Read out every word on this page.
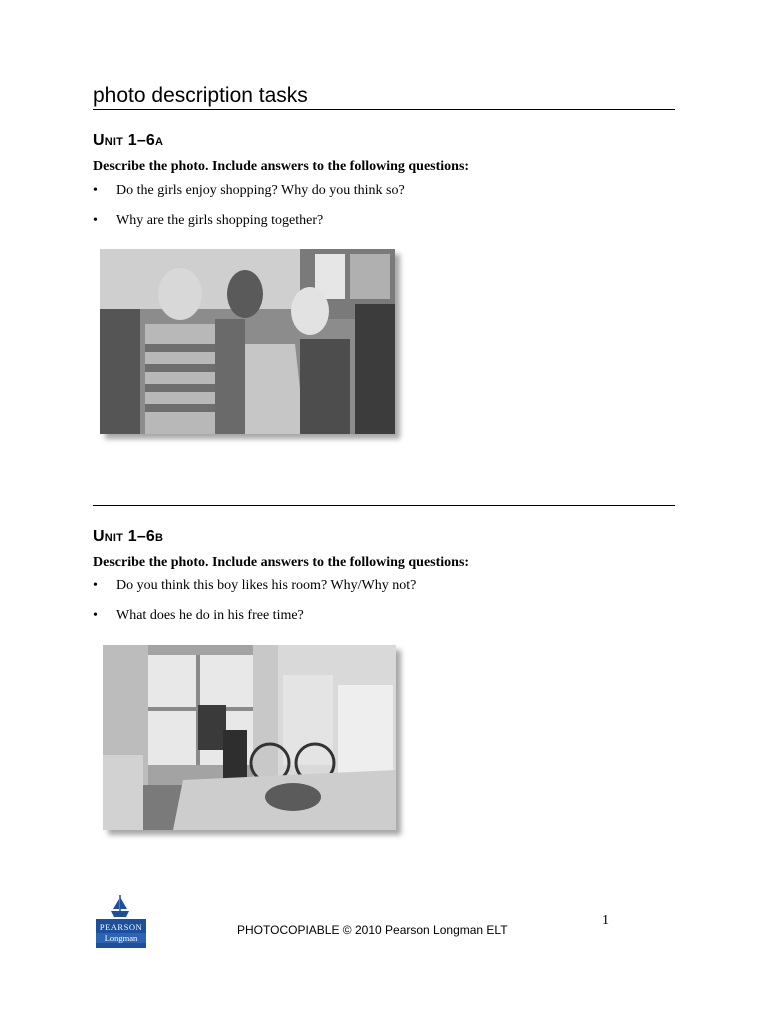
photo description tasks
Unit 1–6a

Describe the photo. Include answers to the following questions:

• Do the girls enjoy shopping? Why do you think so?
• Why are the girls shopping together?
Unit 1–6b

Describe the photo. Include answers to the following questions:

• Do you think this boy likes his room? Why/Why not?
• What does he do in his free time?
PEARSON
Longman
PHOTOCOPIABLE © 2010 Pearson Longman ELT
1
